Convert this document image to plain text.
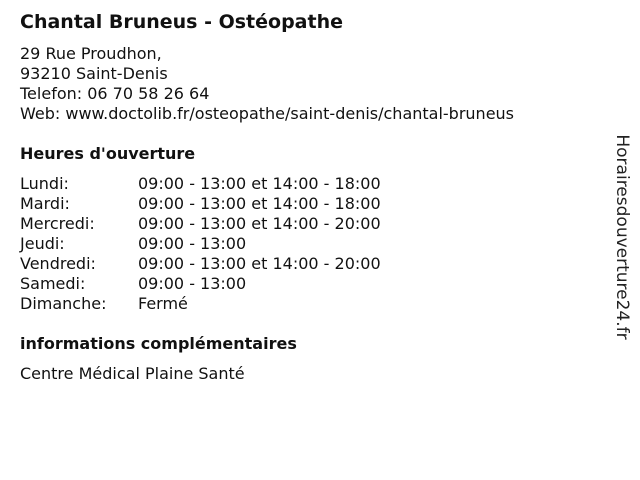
Chantal Bruneus - Ostéopathe
29 Rue Proudhon,
93210 Saint-Denis
Telefon: 06 70 58 26 64
Web: www.doctolib.fr/osteopathe/saint-denis/chantal-bruneus
Heures d'ouverture
Lundi:	09:00 - 13:00 et 14:00 - 18:00
Mardi:	09:00 - 13:00 et 14:00 - 18:00
Mercredi:	09:00 - 13:00 et 14:00 - 20:00
Jeudi:	09:00 - 13:00
Vendredi:	09:00 - 13:00 et 14:00 - 20:00
Samedi:	09:00 - 13:00
Dimanche:	Fermé
informations complémentaires
Centre Médical Plaine Santé
Horairesdouverture24.fr
